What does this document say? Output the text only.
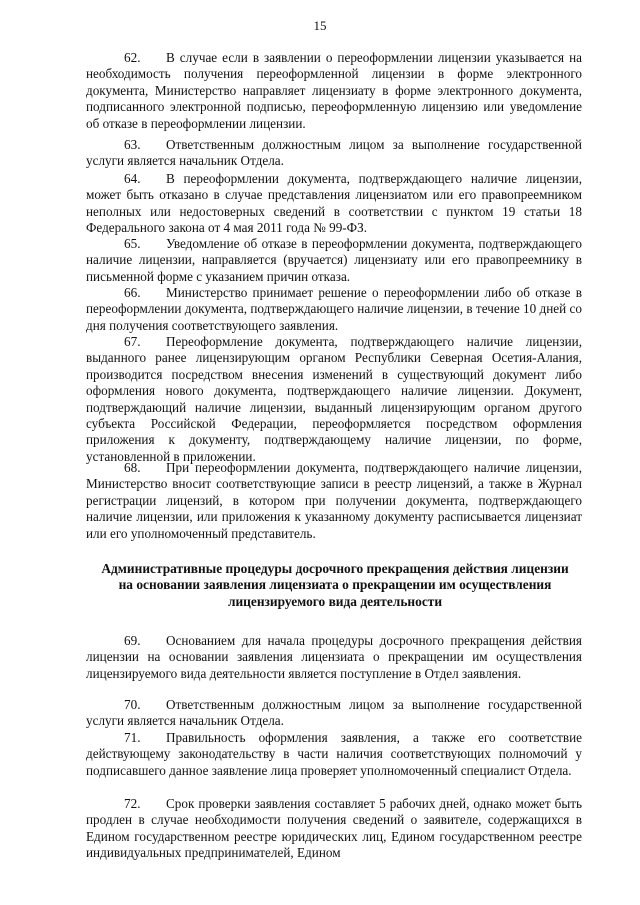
15

62. В случае если в заявлении о переоформлении лицензии указывается на необходимость получения переоформленной лицензии в форме электронного документа, Министерство направляет лицензиату в форме электронного документа, подписанного электронной подписью, переоформленную лицензию или уведомление об отказе в переоформлении лицензии.

63. Ответственным должностным лицом за выполнение государственной услуги является начальник Отдела.

64. В переоформлении документа, подтверждающего наличие лицензии, может быть отказано в случае представления лицензиатом или его правопреемником неполных или недостоверных сведений в соответствии с пунктом 19 статьи 18 Федерального закона от 4 мая 2011 года № 99-ФЗ.

65. Уведомление об отказе в переоформлении документа, подтверждающего наличие лицензии, направляется (вручается) лицензиату или его правопреемнику в письменной форме с указанием причин отказа.

66. Министерство принимает решение о переоформлении либо об отказе в переоформлении документа, подтверждающего наличие лицензии, в течение 10 дней со дня получения соответствующего заявления.

67. Переоформление документа, подтверждающего наличие лицензии, выданного ранее лицензирующим органом Республики Северная Осетия-Алания, производится посредством внесения изменений в существующий документ либо оформления нового документа, подтверждающего наличие лицензии. Документ, подтверждающий наличие лицензии, выданный лицензирующим органом другого субъекта Российской Федерации, переоформляется посредством оформления приложения к документу, подтверждающему наличие лицензии, по форме, установленной в приложении.

68. При переоформлении документа, подтверждающего наличие лицензии, Министерство вносит соответствующие записи в реестр лицензий, а также в Журнал регистрации лицензий, в котором при получении документа, подтверждающего наличие лицензии, или приложения к указанному документу расписывается лицензиат или его уполномоченный представитель.

Административные процедуры досрочного прекращения действия лицензии на основании заявления лицензиата о прекращении им осуществления лицензируемого вида деятельности

69. Основанием для начала процедуры досрочного прекращения действия лицензии на основании заявления лицензиата о прекращении им осуществления лицензируемого вида деятельности является поступление в Отдел заявления.

70. Ответственным должностным лицом за выполнение государственной услуги является начальник Отдела.

71. Правильность оформления заявления, а также его соответствие действующему законодательству в части наличия соответствующих полномочий у подписавшего данное заявление лица проверяет уполномоченный специалист Отдела.

72. Срок проверки заявления составляет 5 рабочих дней, однако может быть продлен в случае необходимости получения сведений о заявителе, содержащихся в Едином государственном реестре юридических лиц, Едином государственном реестре индивидуальных предпринимателей, Едином
